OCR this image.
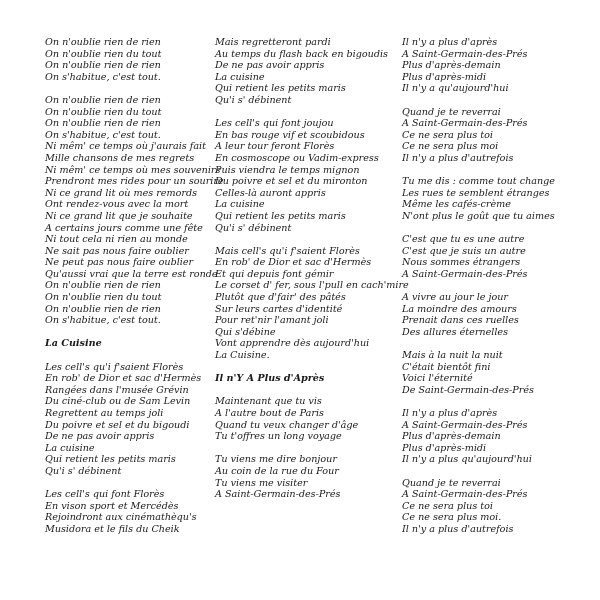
On n'oublie rien de rien
On n'oublie rien du tout
On n'oublie rien de rien
On s'habitue, c'est tout.
On n'oublie rien de rien
On n'oublie rien du tout
On n'oublie rien de rien
On s'habitue, c'est tout.
Ni mêm' ce temps où j'aurais fait
Mille chansons de mes regrets
Ni mêm' ce temps où mes souvenirs
Prendront mes rides pour un sourire
Ni ce grand lit où mes remords
Ont rendez-vous avec la mort
Ni ce grand lit que je souhaite
A certains jours comme une fête
Ni tout cela ni rien au monde
Ne sait pas nous faire oublier
Ne peut pas nous faire oublier
Qu'aussi vrai que la terre est ronde
On n'oublie rien de rien
On n'oublie rien du tout
On n'oublie rien de rien
On s'habitue, c'est tout.
La Cuisine
Les cell's qu'i f'saient Florès
En rob' de Dior et sac d'Hermès
Rangées dans l'musée Grévin
Du ciné-club ou de Sam Levin
Regrettent au temps joli
Du poivre et sel et du bigoudi
De ne pas avoir appris
La cuisine
Qui retient les petits maris
Qu'i s' débinent
Les cell's qui font Florès
En vison sport et Mercédès
Rejoindront aux cinémathèqu's
Musidora et le fils du Cheik
Mais regretteront pardi
Au temps du flash back en bigoudis
De ne pas avoir appris
La cuisine
Qui retient les petits maris
Qu'i s' débinent
Les cell's qui font joujou
En bas rouge vif et scoubidous
A leur tour feront Florès
En cosmoscope ou Vadim-express
Puis viendra le temps mignon
Du poivre et sel et du mironton
Celles-là auront appris
La cuisine
Qui retient les petits maris
Qu'i s' débinent
Mais cell's qu'i f'saient Florès
En rob' de Dior et sac d'Hermès
Et qui depuis font gémir
Le corset d' fer, sous l'pull en cach'mire
Plutôt que d'fair' des pâtés
Sur leurs cartes d'identité
Pour ret'nir l'amant joli
Qui s'débine
Vont apprendre dès aujourd'hui
La Cuisine.
Il n'Y A Plus d'Après
Maintenant que tu vis
A l'autre bout de Paris
Quand tu veux changer d'âge
Tu t'offres un long voyage
Tu viens me dire bonjour
Au coin de la rue du Four
Tu viens me visiter
A Saint-Germain-des-Prés
Il n'y a plus d'après
A Saint-Germain-des-Prés
Plus d'après-demain
Plus d'après-midi
Il n'y a qu'aujourd'hui
Quand je te reverrai
A Saint-Germain-des-Prés
Ce ne sera plus toi
Ce ne sera plus moi
Il n'y a plus d'autrefois
Tu me dis : comme tout change
Les rues te semblent étranges
Même les cafés-crème
N'ont plus le goût que tu aimes
C'est que tu es une autre
C'est que je suis un autre
Nous sommes étrangers
A Saint-Germain-des-Prés
A vivre au jour le jour
La moindre des amours
Prenait dans ces ruelles
Des allures éternelles
Mais à la nuit la nuit
C'était bientôt fini
Voici l'éternité
De Saint-Germain-des-Prés
Il n'y a plus d'après
A Saint-Germain-des-Prés
Plus d'après-demain
Plus d'après-midi
Il n'y a plus qu'aujourd'hui
Quand je te reverrai
A Saint-Germain-des-Prés
Ce ne sera plus toi
Ce ne sera plus moi.
Il n'y a plus d'autrefois
